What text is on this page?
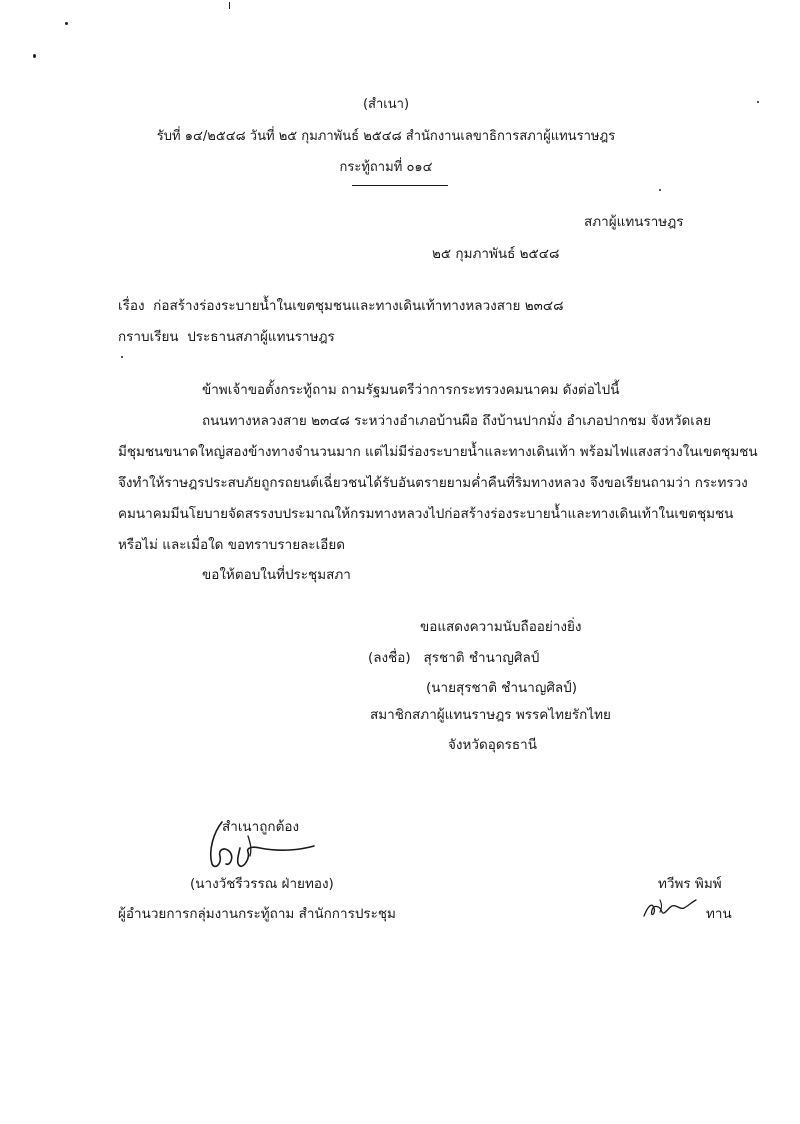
(สำเนา)
รับที่ ๑๔/๒๕๔๘ วันที่ ๒๕ กุมภาพันธ์ ๒๕๔๘ สำนักงานเลขาธิการสภาผู้แทนราษฎร
กระทู้ถามที่ ๐๑๔
สภาผู้แทนราษฎร
๒๕ กุมภาพันธ์ ๒๕๔๘
เรื่อง ก่อสร้างร่องระบายน้ำในเขตชุมชนและทางเดินเท้าทางหลวงสาย ๒๓๔๘
กราบเรียน ประธานสภาผู้แทนราษฎร
ข้าพเจ้าขอตั้งกระทู้ถาม ถามรัฐมนตรีว่าการกระทรวงคมนาคม ดังต่อไปนี้
ถนนทางหลวงสาย ๒๓๔๘ ระหว่างอำเภอบ้านผือ ถึงบ้านปากมั่ง อำเภอปากชม จังหวัดเลย
มีชุมชนขนาดใหญ่สองข้างทางจำนวนมาก แต่ไม่มีร่องระบายน้ำและทางเดินเท้า พร้อมไฟแสงสว่างในเขตชุมชน
จึงทำให้ราษฎรประสบภัยถูกรถยนต์เฉี่ยวชนได้รับอันตรายยามค่ำคืนที่ริมทางหลวง จึงขอเรียนถามว่า กระทรวง
คมนาคมมีนโยบายจัดสรรงบประมาณให้กรมทางหลวงไปก่อสร้างร่องระบายน้ำและทางเดินเท้าในเขตชุมชน
หรือไม่ และเมื่อใด ขอทราบรายละเอียด
ขอให้ตอบในที่ประชุมสภา
ขอแสดงความนับถืออย่างยิ่ง
(ลงชื่อ) สุรชาติ ชำนาญศิลป์
(นายสุรชาติ ชำนาญศิลป์)
สมาชิกสภาผู้แทนราษฎร พรรคไทยรักไทย
จังหวัดอุดรธานี
สำเนาถูกต้อง
(นางวัชรีวรรณ ฝ่ายทอง)
ผู้อำนวยการกลุ่มงานกระทู้ถาม สำนักการประชุม
ทวีพร พิมพ์
ทาน
